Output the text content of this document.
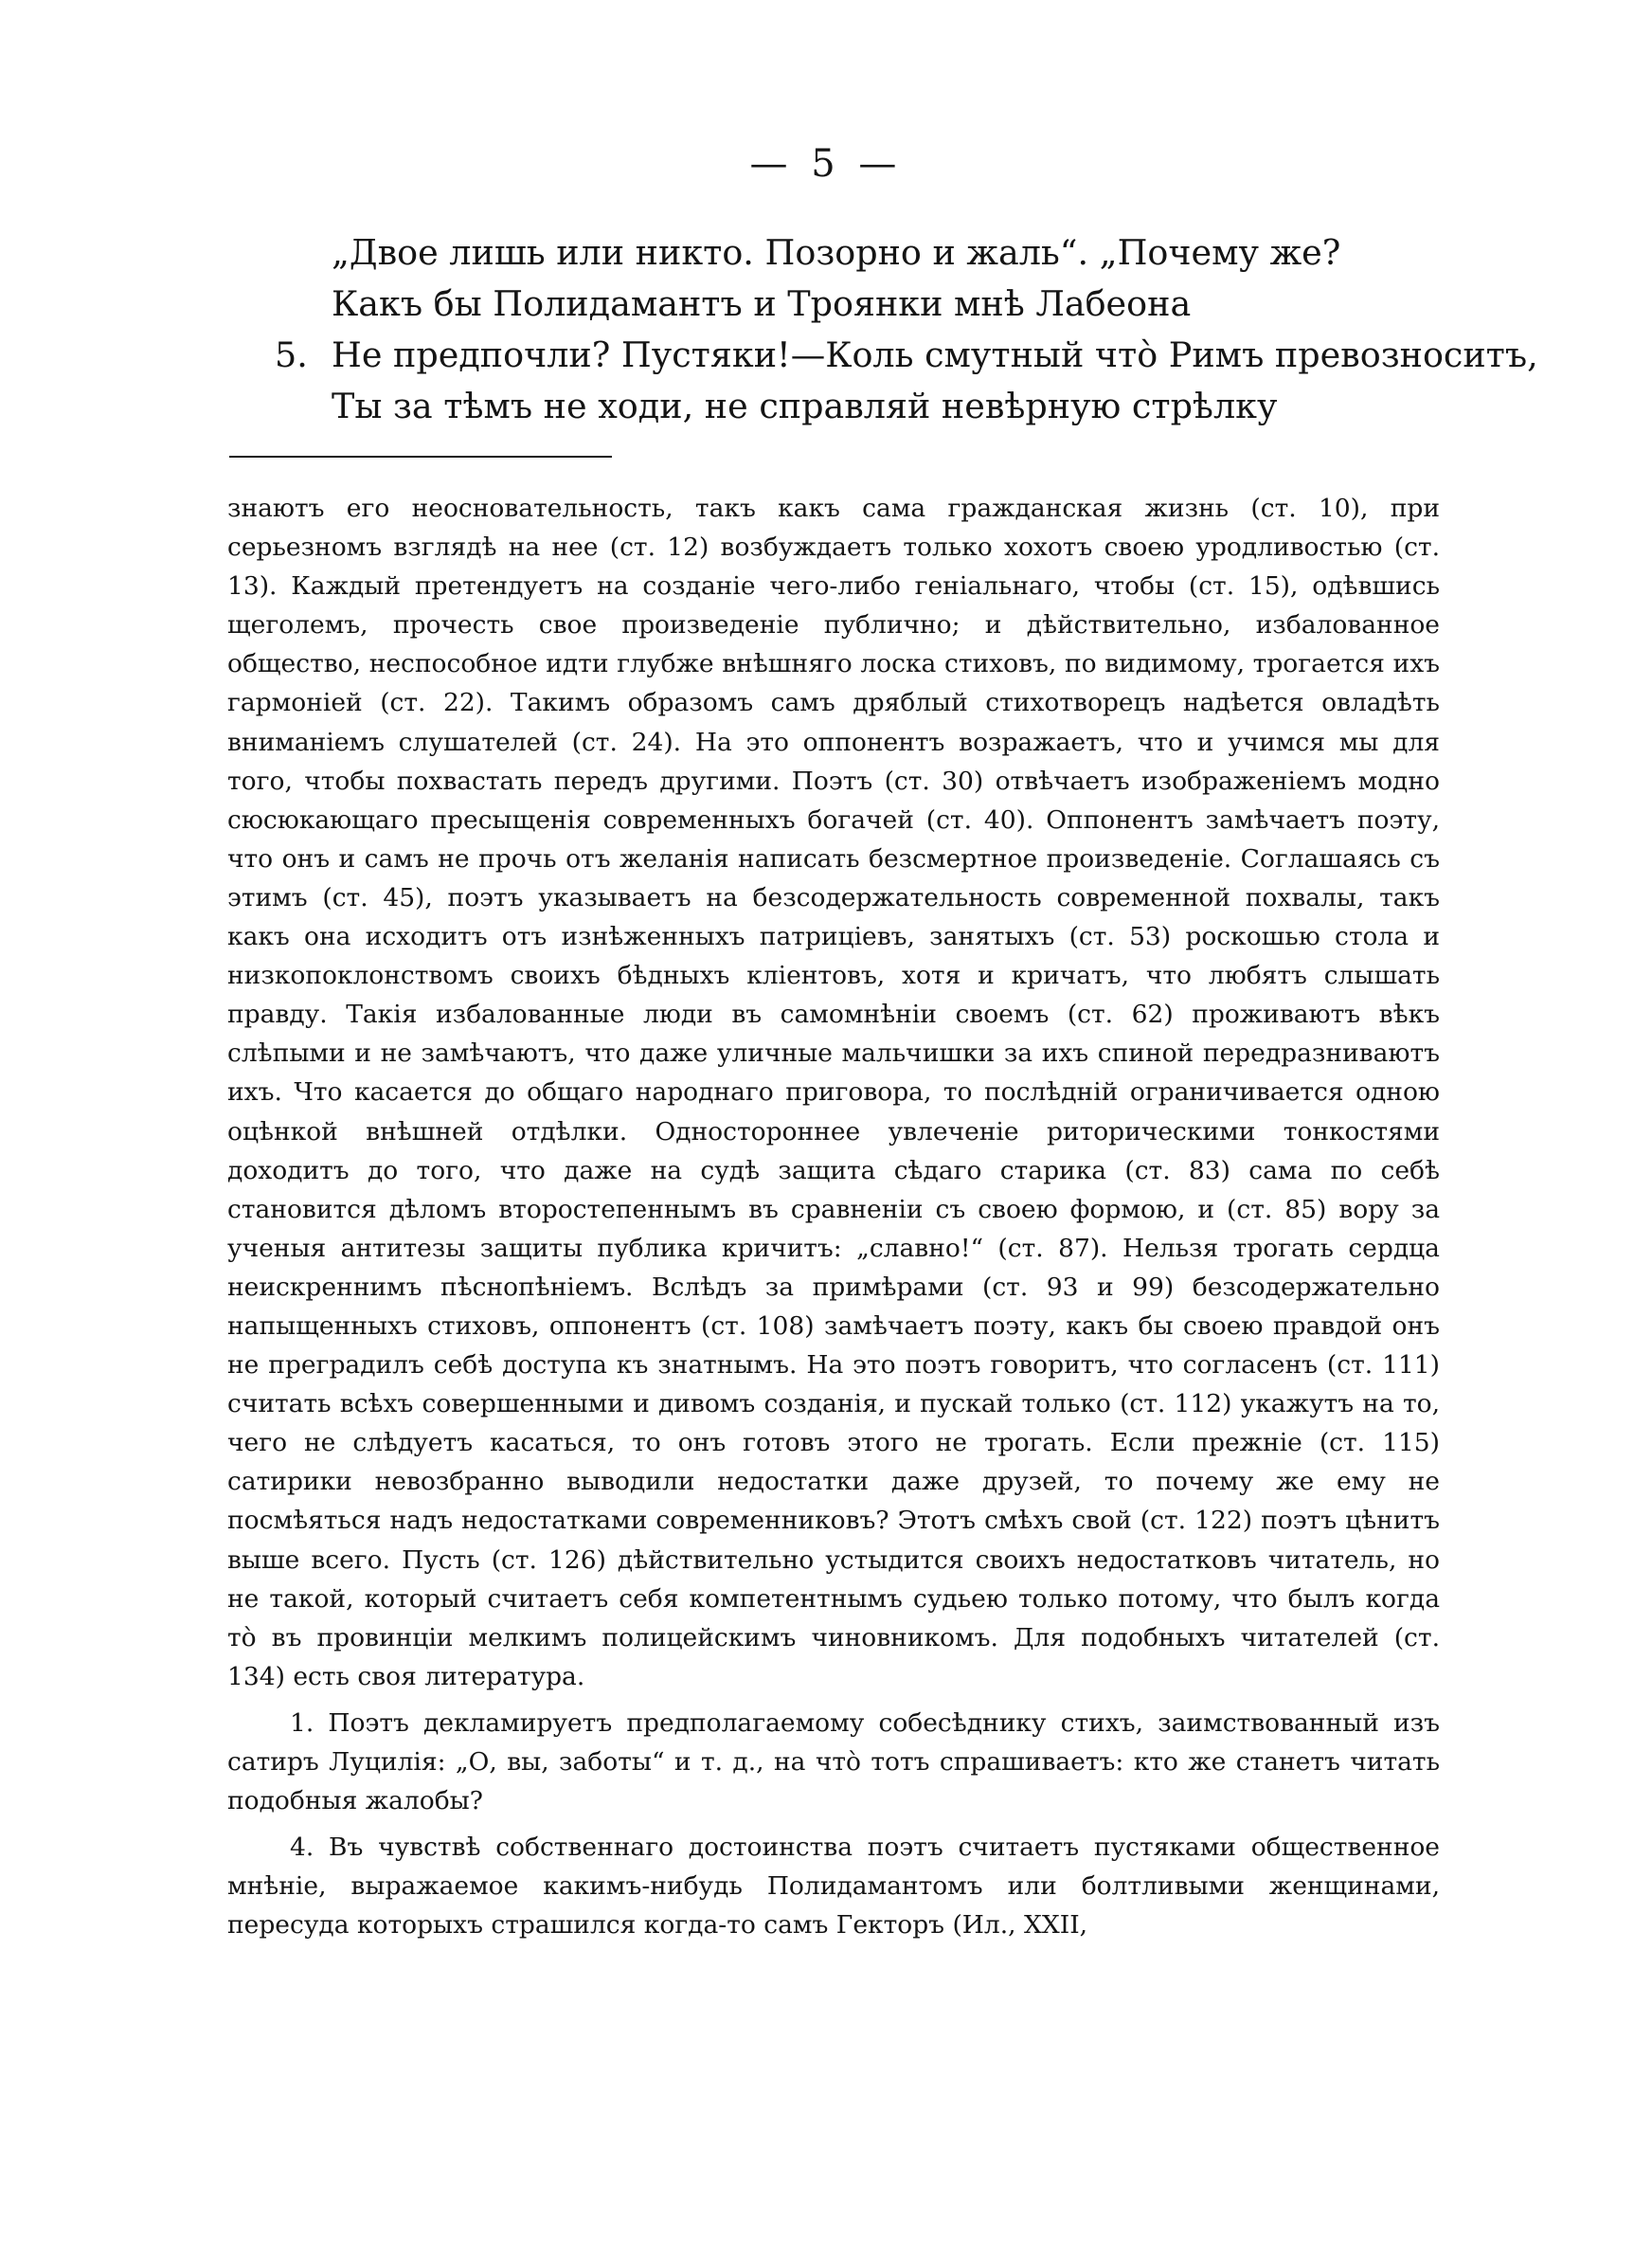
— 5 —
„Двое лишь или никто. Позорно и жаль“. „Почему же?
Какъ бы Полидамантъ и Троянки мнѣ Лабеона
5. Не предпочли? Пустяки!—Коль смутный что̀ Римъ превозноситъ,
Ты за тѣмъ не ходи, не справляй невѣрную стрѣлку

знаютъ его неосновательность, такъ какъ сама гражданская жизнь (ст. 10), при серьезномъ взглядѣ на нее (ст. 12) возбуждаетъ только хохотъ своею уродливостью (ст. 13). Каждый претендуетъ на созданіе чего-либо геніальнаго, чтобы (ст. 15), одѣвшись щеголемъ, прочесть свое произведеніе публично; и дѣйствительно, избалованное общество, неспособное идти глубже внѣшняго лоска стиховъ, по видимому, трогается ихъ гармоніей (ст. 22). Такимъ образомъ самъ дряблый стихотворецъ надѣется овладѣть вниманіемъ слушателей (ст. 24). На это оппонентъ возражаетъ, что и учимся мы для того, чтобы похвастать передъ другими. Поэтъ (ст. 30) отвѣчаетъ изображеніемъ модно сюсюкающаго пресыщенія современныхъ богачей (ст. 40). Оппонентъ замѣчаетъ поэту, что онъ и самъ не прочь отъ желанія написать безсмертное произведеніе. Соглашаясь съ этимъ (ст. 45), поэтъ указываетъ на безсодержательность современной похвалы, такъ какъ она исходитъ отъ изнѣженныхъ патриціевъ, занятыхъ (ст. 53) роскошью стола и низкопоклонствомъ своихъ бѣдныхъ кліентовъ, хотя и кричатъ, что любятъ слышать правду. Такія избалованные люди въ самомнѣніи своемъ (ст. 62) проживаютъ вѣкъ слѣпыми и не замѣчаютъ, что даже уличные мальчишки за ихъ спиной передразниваютъ ихъ. Что касается до общаго народнаго приговора, то послѣдній ограничивается одною оцѣнкой внѣшней отдѣлки. Одностороннее увлеченіе риторическими тонкостями доходитъ до того, что даже на судѣ защита сѣдаго старика (ст. 83) сама по себѣ становится дѣломъ второстепеннымъ въ сравненіи съ своею формою, и (ст. 85) вору за ученыя антитезы защиты публика кричитъ: „славно!“ (ст. 87). Нельзя трогать сердца неискреннимъ пѣснопѣніемъ. Вслѣдъ за примѣрами (ст. 93 и 99) безсодержательно напыщенныхъ стиховъ, оппонентъ (ст. 108) замѣчаетъ поэту, какъ бы своею правдой онъ не преградилъ себѣ доступа къ знатнымъ. На это поэтъ говоритъ, что согласенъ (ст. 111) считать всѣхъ совершенными и дивомъ созданія, и пускай только (ст. 112) укажутъ на то, чего не слѣдуетъ касаться, то онъ готовъ этого не трогать. Если прежніе (ст. 115) сатирики невозбранно выводили недостатки даже друзей, то почему же ему не посмѣяться надъ недостатками современниковъ? Этотъ смѣхъ свой (ст. 122) поэтъ цѣнитъ выше всего. Пусть (ст. 126) дѣйствительно устыдится своихъ недостатковъ читатель, но не такой, который считаетъ себя компетентнымъ судьею только потому, что былъ когда то̀ въ провинціи мелкимъ полицейскимъ чиновникомъ. Для подобныхъ читателей (ст. 134) есть своя литература.

1. Поэтъ декламируетъ предполагаемому собесѣднику стихъ, заимствованный изъ сатиръ Луцилія: „О, вы, заботы“ и т. д., на что̀ тотъ спрашиваетъ: кто же станетъ читать подобныя жалобы?

4. Въ чувствѣ собственнаго достоинства поэтъ считаетъ пустяками общественное мнѣніе, выражаемое какимъ-нибудь Полидамантомъ или болтливыми женщинами, пересуда которыхъ страшился когда-то самъ Гекторъ (Ил., XXII,
